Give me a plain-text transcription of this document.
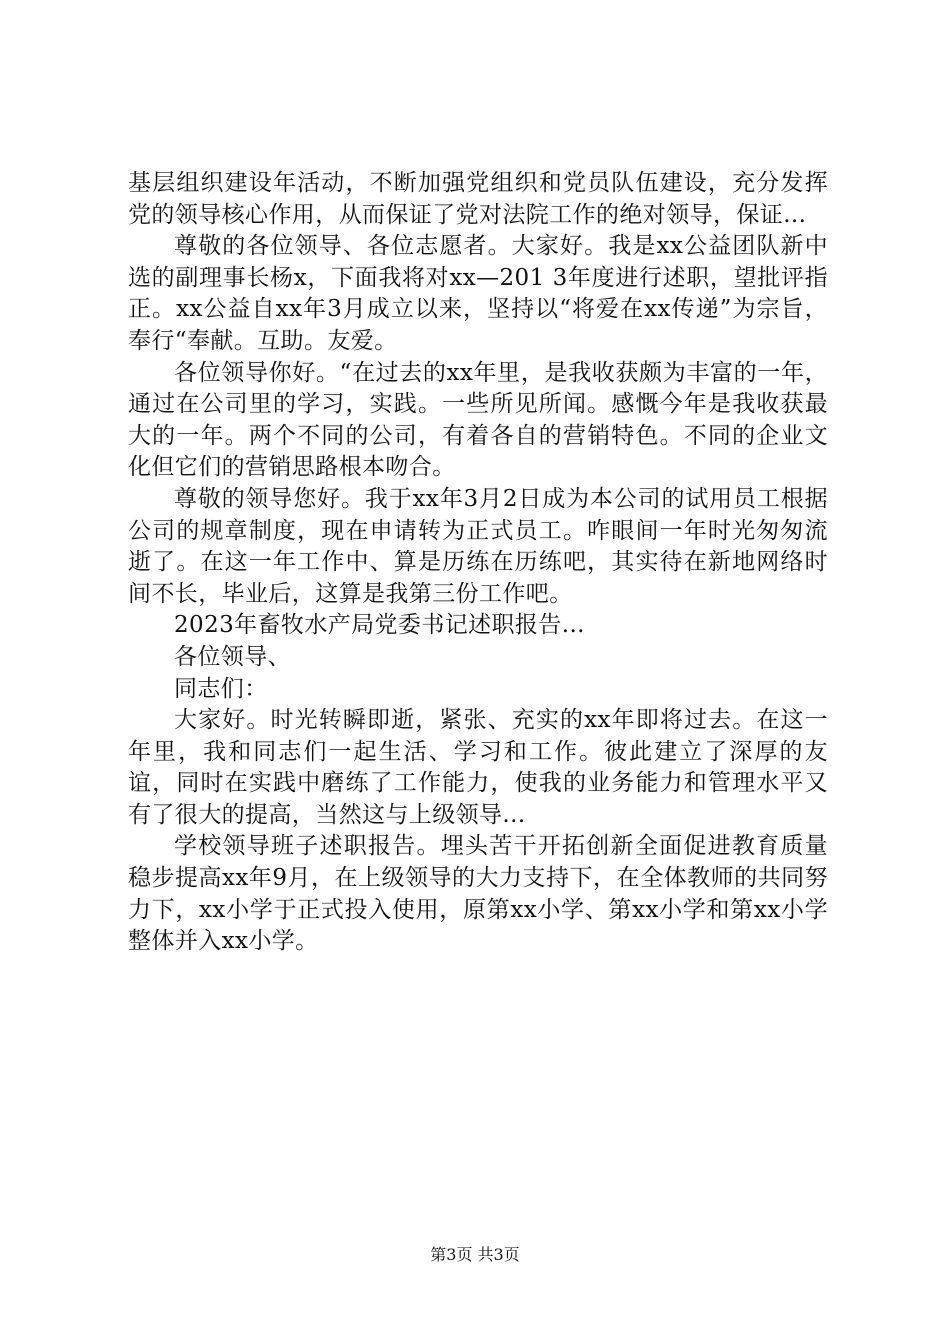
基层组织建设年活动，不断加强党组织和党员队伍建设，充分发挥党的领导核心作用，从而保证了党对法院工作的绝对领导，保证...

尊敬的各位领导、各位志愿者。大家好。我是xx公益团队新中选的副理事长杨x，下面我将对xx—201 3年度进行述职，望批评指正。xx公益自xx年3月成立以来，坚持以“将爱在xx传递”为宗旨，奉行“奉献。互助。友爱。

各位领导你好。“在过去的xx年里，是我收获颇为丰富的一年，通过在公司里的学习，实践。一些所见所闻。感慨今年是我收获最大的一年。两个不同的公司，有着各自的营销特色。不同的企业文化但它们的营销思路根本吻合。

尊敬的领导您好。我于xx年3月2日成为本公司的试用员工根据公司的规章制度，现在申请转为正式员工。咋眼间一年时光匆匆流逝了。在这一年工作中、算是历练在历练吧，其实待在新地网络时间不长，毕业后，这算是我第三份工作吧。

2023年畜牧水产局党委书记述职报告...

各位领导、

同志们：

大家好。时光转瞬即逝，紧张、充实的xx年即将过去。在这一年里，我和同志们一起生活、学习和工作。彼此建立了深厚的友谊，同时在实践中磨练了工作能力，使我的业务能力和管理水平又有了很大的提高，当然这与上级领导...

学校领导班子述职报告。埋头苦干开拓创新全面促进教育质量稳步提高xx年9月，在上级领导的大力支持下，在全体教师的共同努力下，xx小学于正式投入使用，原第xx小学、第xx小学和第xx小学整体并入xx小学。

第3页 共3页
